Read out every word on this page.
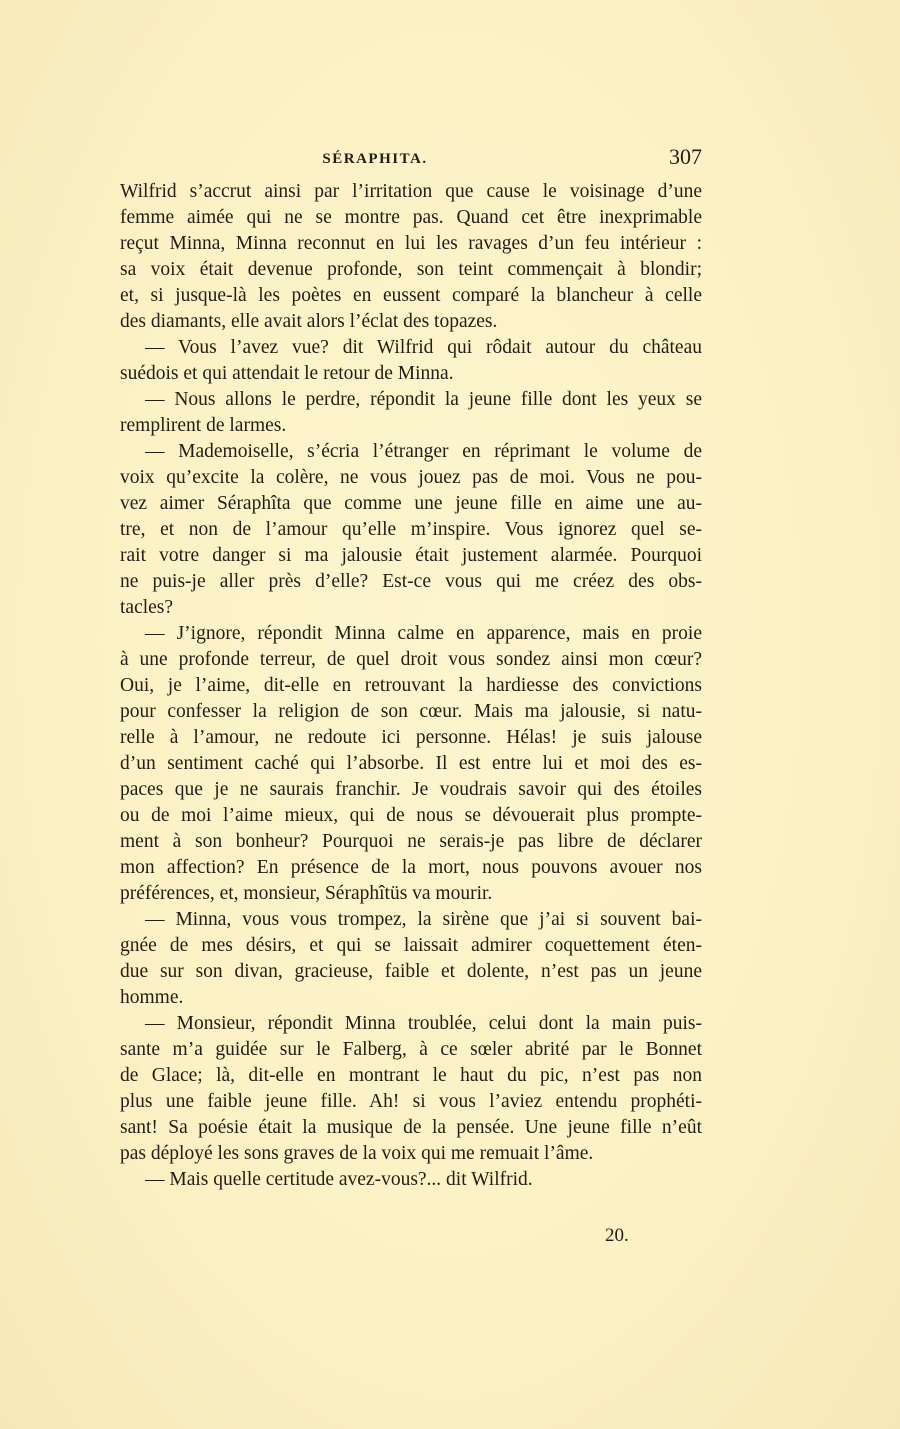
SÉRAPHITA.	307
Wilfrid s’accrut ainsi par l’irritation que cause le voisinage d’une
femme aimée qui ne se montre pas. Quand cet être inexprimable
reçut Minna, Minna reconnut en lui les ravages d’un feu intérieur :
sa voix était devenue profonde, son teint commençait à blondir;
et, si jusque-là les poètes en eussent comparé la blancheur à celle
des diamants, elle avait alors l’éclat des topazes.
— Vous l’avez vue? dit Wilfrid qui rôdait autour du château
suédois et qui attendait le retour de Minna.
— Nous allons le perdre, répondit la jeune fille dont les yeux se
remplirent de larmes.
— Mademoiselle, s’écria l’étranger en réprimant le volume de
voix qu’excite la colère, ne vous jouez pas de moi. Vous ne pou-
vez aimer Séraphîta que comme une jeune fille en aime une au-
tre, et non de l’amour qu’elle m’inspire. Vous ignorez quel se-
rait votre danger si ma jalousie était justement alarmée. Pourquoi
ne puis-je aller près d’elle? Est-ce vous qui me créez des obs-
tacles?
— J’ignore, répondit Minna calme en apparence, mais en proie
à une profonde terreur, de quel droit vous sondez ainsi mon cœur?
Oui, je l’aime, dit-elle en retrouvant la hardiesse des convictions
pour confesser la religion de son cœur. Mais ma jalousie, si natu-
relle à l’amour, ne redoute ici personne. Hélas! je suis jalouse
d’un sentiment caché qui l’absorbe. Il est entre lui et moi des es-
paces que je ne saurais franchir. Je voudrais savoir qui des étoiles
ou de moi l’aime mieux, qui de nous se dévouerait plus prompte-
ment à son bonheur? Pourquoi ne serais-je pas libre de déclarer
mon affection? En présence de la mort, nous pouvons avouer nos
préférences, et, monsieur, Séraphîtüs va mourir.
— Minna, vous vous trompez, la sirène que j’ai si souvent bai-
gnée de mes désirs, et qui se laissait admirer coquettement éten-
due sur son divan, gracieuse, faible et dolente, n’est pas un jeune
homme.
— Monsieur, répondit Minna troublée, celui dont la main puis-
sante m’a guidée sur le Falberg, à ce sœler abrité par le Bonnet
de Glace; là, dit-elle en montrant le haut du pic, n’est pas non
plus une faible jeune fille. Ah! si vous l’aviez entendu prophéti-
sant! Sa poésie était la musique de la pensée. Une jeune fille n’eût
pas déployé les sons graves de la voix qui me remuait l’âme.
— Mais quelle certitude avez-vous?... dit Wilfrid.
20.
